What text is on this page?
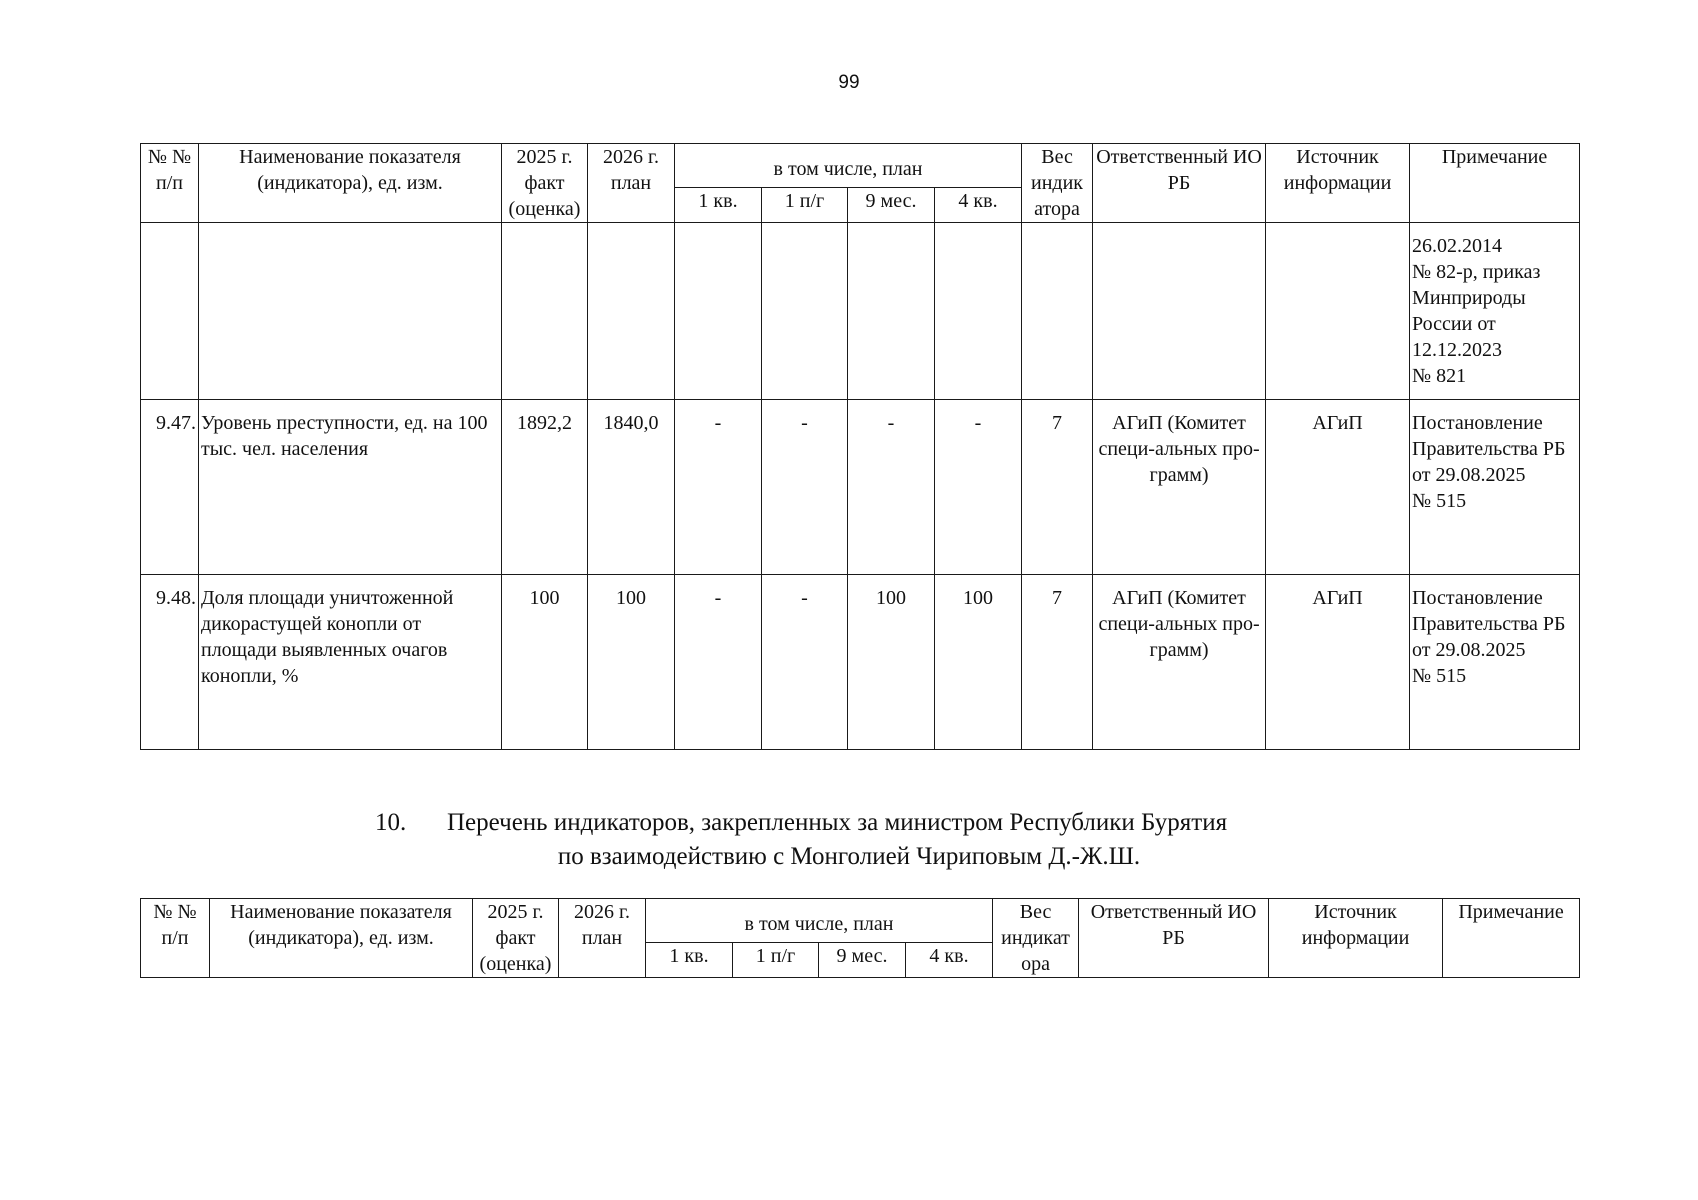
99
№ № п/п	Наименование показателя (индикатора), ед. изм.	2025 г. факт (оценка)	2026 г. план	в том числе, план				Вес индик атора	Ответственный ИО РБ	Источник информации	Примечание
				1 кв.	1 п/г	9 мес.	4 кв.				
											26.02.2014
№ 82-р, приказ Минприроды России от 12.12.2023
№ 821
9.47.	Уровень преступности, ед. на 100 тыс. чел. населения	1892,2	1840,0	-	-	-	-	7	АГиП (Комитет специ-альных про-грамм)	АГиП	Постановление Правительства РБ от 29.08.2025
№ 515
9.48.	Доля площади уничтоженной дикорастущей конопли от площади выявленных очагов конопли, %	100	100	-	-	100	100	7	АГиП (Комитет специ-альных про-грамм)	АГиП	Постановление Правительства РБ от 29.08.2025
№ 515
10. Перечень индикаторов, закрепленных за министром Республики Бурятия
по взаимодействию с Монголией Чириповым Д.-Ж.Ш.
№ № п/п	Наименование показателя (индикатора), ед. изм.	2025 г. факт (оценка)	2026 г. план	в том числе, план				Вес индикат ора	Ответственный ИО РБ	Источник информации	Примечание
				1 кв.	1 п/г	9 мес.	4 кв.				
